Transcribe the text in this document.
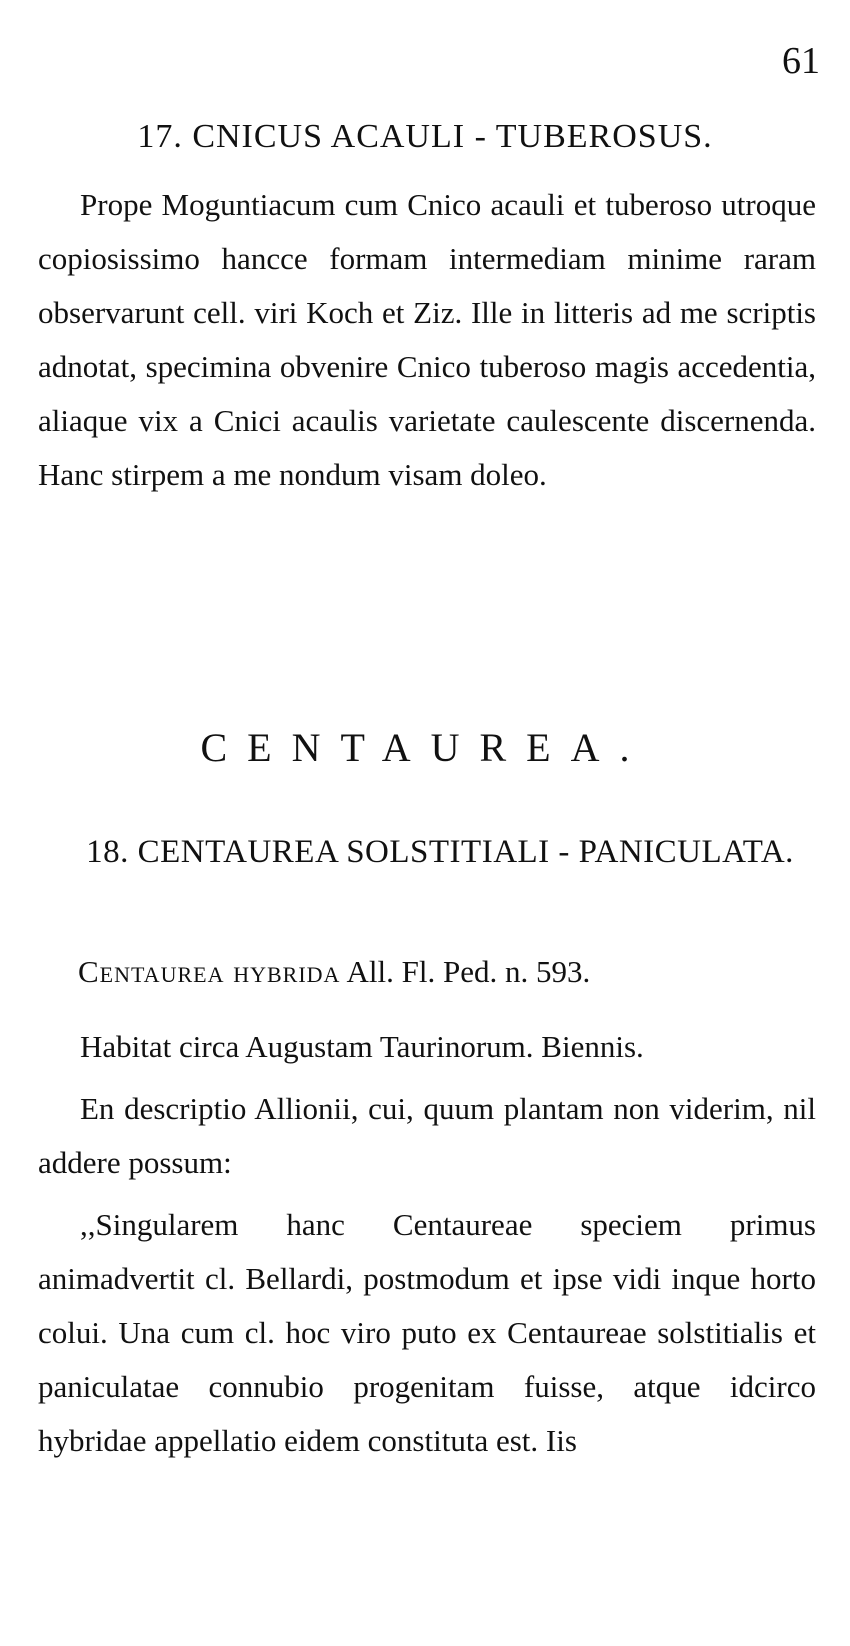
61
17. CNICUS ACAULI - TUBEROSUS.

Prope Moguntiacum cum Cnico acauli et tuberoso utroque copiosissimo hancce formam intermediam minime raram observarunt cell. viri Koch et Ziz. Ille in litteris ad me scriptis adnotat, specimina obvenire Cnico tuberoso magis accedentia, aliaque vix a Cnici acaulis varietate caulescente discernenda. Hanc stirpem a me nondum visam doleo.

CENTAUREA.
18. CENTAUREA SOLSTITIALI - PANICULATA.
Centaurea hybrida All. Fl. Ped. n. 593.

Habitat circa Augustam Taurinorum. Biennis.

En descriptio Allionii, cui, quum plantam non viderim, nil addere possum:

,,Singularem hanc Centaureae speciem primus animadvertit cl. Bellardi, postmodum et ipse vidi inque horto colui. Una cum cl. hoc viro puto ex Centaureae solstitialis et paniculatae connubio progenitam fuisse, atque idcirco hybridae appellatio eidem constituta est. Iis
